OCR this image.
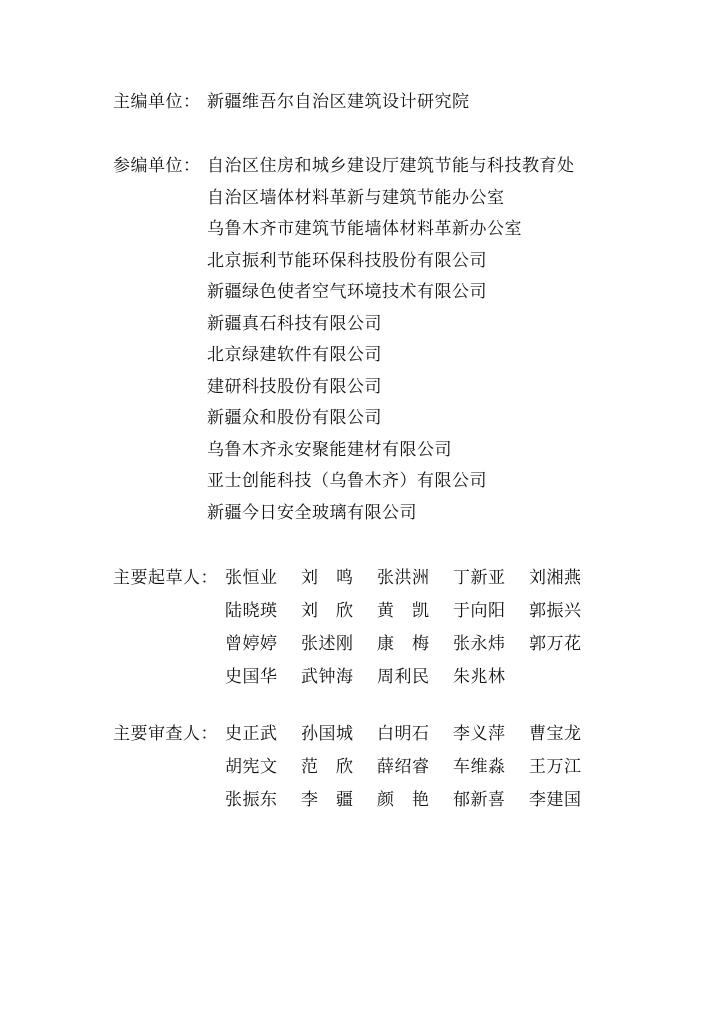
主编单位： 新疆维吾尔自治区建筑设计研究院
参编单位： 自治区住房和城乡建设厅建筑节能与科技教育处
自治区墙体材料革新与建筑节能办公室
乌鲁木齐市建筑节能墙体材料革新办公室
北京振利节能环保科技股份有限公司
新疆绿色使者空气环境技术有限公司
新疆真石科技有限公司
北京绿建软件有限公司
建研科技股份有限公司
新疆众和股份有限公司
乌鲁木齐永安聚能建材有限公司
亚士创能科技（乌鲁木齐）有限公司
新疆今日安全玻璃有限公司
主要起草人： 张恒业 刘　鸣 张洪洲 丁新亚 刘湘燕
陆晓瑛 刘　欣 黄　凯 于向阳 郭振兴
曾婷婷 张述刚 康　梅 张永炜 郭万花
史国华 武钟海 周利民 朱兆林
主要审查人： 史正武 孙国城 白明石 李义萍 曹宝龙
胡宪文 范　欣 薛绍睿 车维淼 王万江
张振东 李　疆 颜　艳 郁新喜 李建国
